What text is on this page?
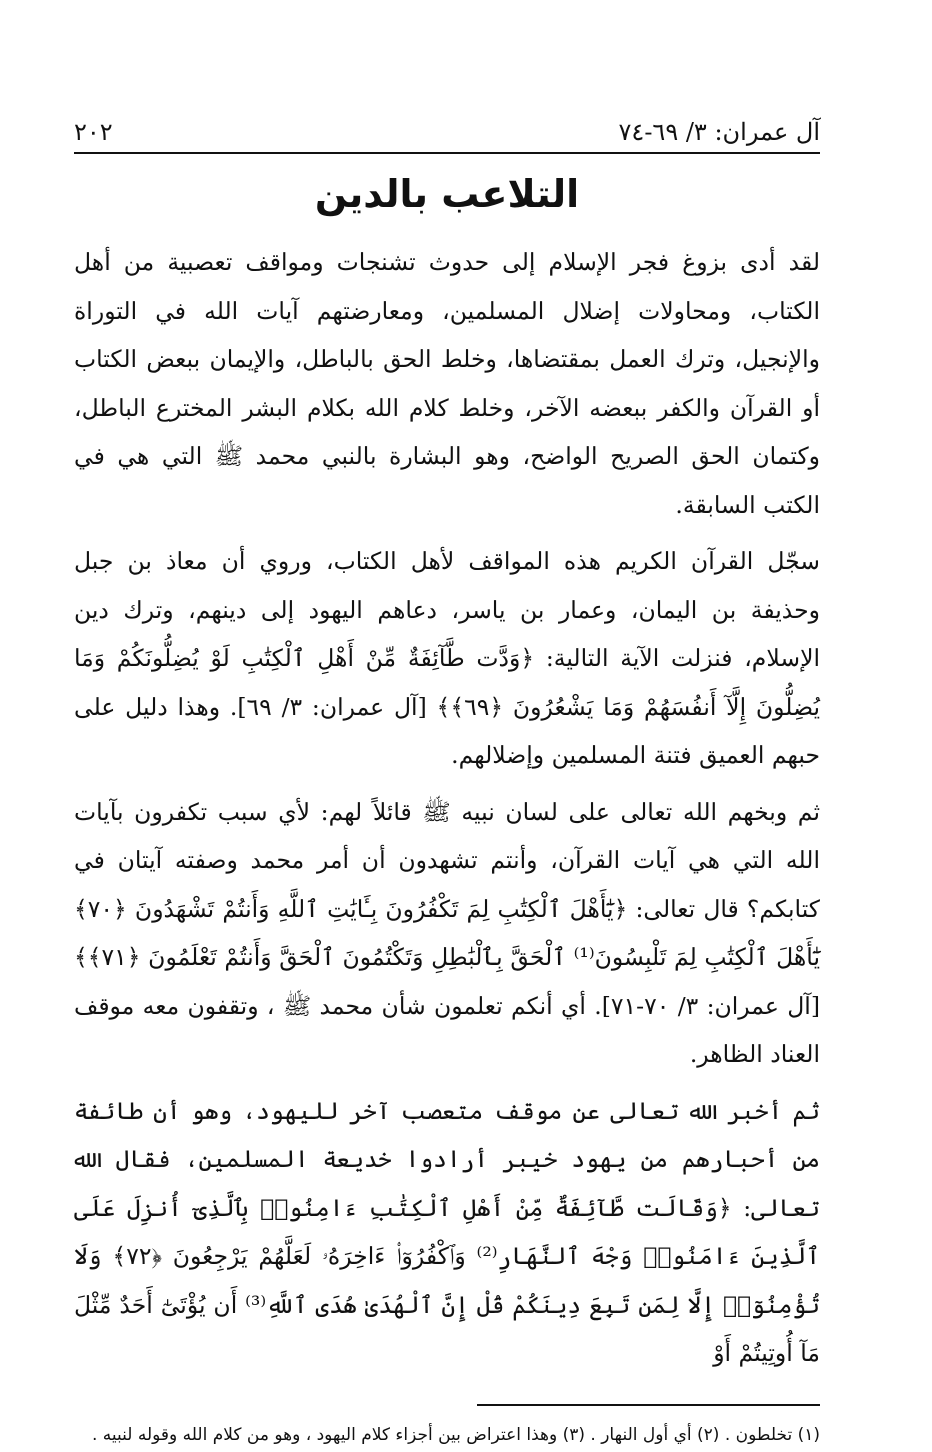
آل عمران: ٣/ ٦٩-٧٤
٢٠٢
التلاعب بالدين

لقد أدى بزوغ فجر الإسلام إلى حدوث تشنجات ومواقف تعصبية من أهل الكتاب، ومحاولات إضلال المسلمين، ومعارضتهم آيات الله في التوراة والإنجيل، وترك العمل بمقتضاها، وخلط الحق بالباطل، والإيمان ببعض الكتاب أو القرآن والكفر ببعضه الآخر، وخلط كلام الله بكلام البشر المخترع الباطل، وكتمان الحق الصريح الواضح، وهو البشارة بالنبي محمد ﷺ التي هي في الكتب السابقة.

سجّل القرآن الكريم هذه المواقف لأهل الكتاب، وروي أن معاذ بن جبل وحذيفة بن اليمان، وعمار بن ياسر، دعاهم اليهود إلى دينهم، وترك دين الإسلام، فنزلت الآية التالية: ﴿وَدَّت طَّآئِفَةٌ مِّنْ أَهْلِ ٱلْكِتَٰبِ لَوْ يُضِلُّونَكُمْ وَمَا يُضِلُّونَ إِلَّآ أَنفُسَهُمْ وَمَا يَشْعُرُونَ ﴿٦٩﴾﴾ [آل عمران: ٣/ ٦٩]. وهذا دليل على حبهم العميق فتنة المسلمين وإضلالهم.

ثم وبخهم الله تعالى على لسان نبيه ﷺ قائلاً لهم: لأي سبب تكفرون بآيات الله التي هي آيات القرآن، وأنتم تشهدون أن أمر محمد وصفته آيتان في كتابكم؟ قال تعالى: ﴿يَٰٓأَهْلَ ٱلْكِتَٰبِ لِمَ تَكْفُرُونَ بِـَٔايَٰتِ ٱللَّهِ وَأَنتُمْ تَشْهَدُونَ ﴿٧٠﴾ يَٰٓأَهْلَ ٱلْكِتَٰبِ لِمَ تَلْبِسُونَ⁽¹⁾ ٱلْحَقَّ بِٱلْبَٰطِلِ وَتَكْتُمُونَ ٱلْحَقَّ وَأَنتُمْ تَعْلَمُونَ ﴿٧١﴾﴾ [آل عمران: ٣/ ٧٠-٧١]. أي أنكم تعلمون شأن محمد ﷺ ، وتقفون معه موقف العناد الظاهر.

ثم أخبر الله تعالى عن موقف متعصب آخر لليهود، وهو أن طائفة من أحبارهم من يهود خيبر أرادوا خديعة المسلمين، فقال الله تعالى: ﴿وَقَالَت طَّآئِفَةٌ مِّنْ أَهْلِ ٱلْكِتَٰبِ ءَامِنُوا۟ بِٱلَّذِىٓ أُنزِلَ عَلَى ٱلَّذِينَ ءَامَنُوا۟ وَجْهَ ٱلنَّهَارِ⁽²⁾ وَٱكْفُرُوٓا۟ ءَاخِرَهُۥ لَعَلَّهُمْ يَرْجِعُونَ ﴿٧٢﴾ وَلَا تُؤْمِنُوٓا۟ إِلَّا لِمَن تَبِعَ دِينَكُمْ قُلْ إِنَّ ٱلْهُدَىٰ هُدَى ٱللَّهِ⁽³⁾ أَن يُؤْتَىٰٓ أَحَدٌ مِّثْلَ مَآ أُوتِيتُمْ أَوْ

(١) تخلطون . (٢) أي أول النهار . (٣) وهذا اعتراض بين أجزاء كلام اليهود ، وهو من كلام الله وقوله لنبيه .
